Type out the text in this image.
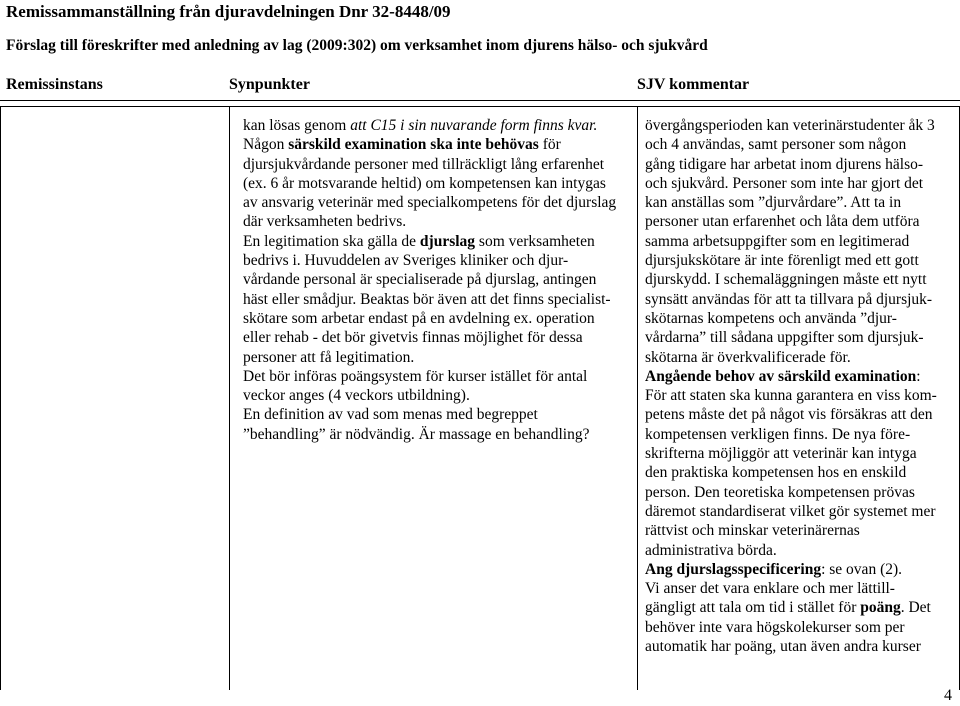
Remissammanställning från djuravdelningen Dnr 32-8448/09
Förslag till föreskrifter med anledning av lag (2009:302) om verksamhet inom djurens hälso- och sjukvård
Remissinstans	Synpunkter	SJV kommentar
kan lösas genom att C15 i sin nuvarande form finns kvar.
Någon särskild examination ska inte behövas för
djursjukvårdande personer med tillräckligt lång erfarenhet
(ex. 6 år motsvarande heltid) om kompetensen kan intygas
av ansvarig veterinär med specialkompetens för det djurslag
där verksamheten bedrivs.
En legitimation ska gälla de djurslag som verksamheten
bedrivs i. Huvuddelen av Sveriges kliniker och djur-
vårdande personal är specialiserade på djurslag, antingen
häst eller smådjur. Beaktas bör även att det finns specialist-
skötare som arbetar endast på en avdelning ex. operation
eller rehab - det bör givetvis finnas möjlighet för dessa
personer att få legitimation.
Det bör införas poängsystem för kurser istället för antal
veckor anges (4 veckors utbildning).
En definition av vad som menas med begreppet
”behandling” är nödvändig. Är massage en behandling?
övergångsperioden kan veterinärstudenter åk 3
och 4 användas, samt personer som någon
gång tidigare har arbetat inom djurens hälso-
och sjukvård. Personer som inte har gjort det
kan anställas som ”djurvårdare”. Att ta in
personer utan erfarenhet och låta dem utföra
samma arbetsuppgifter som en legitimerad
djursjukskötare är inte förenligt med ett gott
djurskydd. I schemaläggningen måste ett nytt
synsätt användas för att ta tillvara på djursjuk-
skötarnas kompetens och använda ”djur-
vårdarna” till sådana uppgifter som djursjuk-
skötarna är överkvalificerade för.
Angående behov av särskild examination:
För att staten ska kunna garantera en viss kom-
petens måste det på något vis försäkras att den
kompetensen verkligen finns. De nya före-
skrifterna möjliggör att veterinär kan intyga
den praktiska kompetensen hos en enskild
person. Den teoretiska kompetensen prövas
däremot standardiserat vilket gör systemet mer
rättvist och minskar veterinärernas
administrativa börda.
Ang djurslagsspecificering: se ovan (2).
Vi anser det vara enklare och mer lättill-
gängligt att tala om tid i stället för poäng. Det
behöver inte vara högskolekurser som per
automatik har poäng, utan även andra kurser
4
